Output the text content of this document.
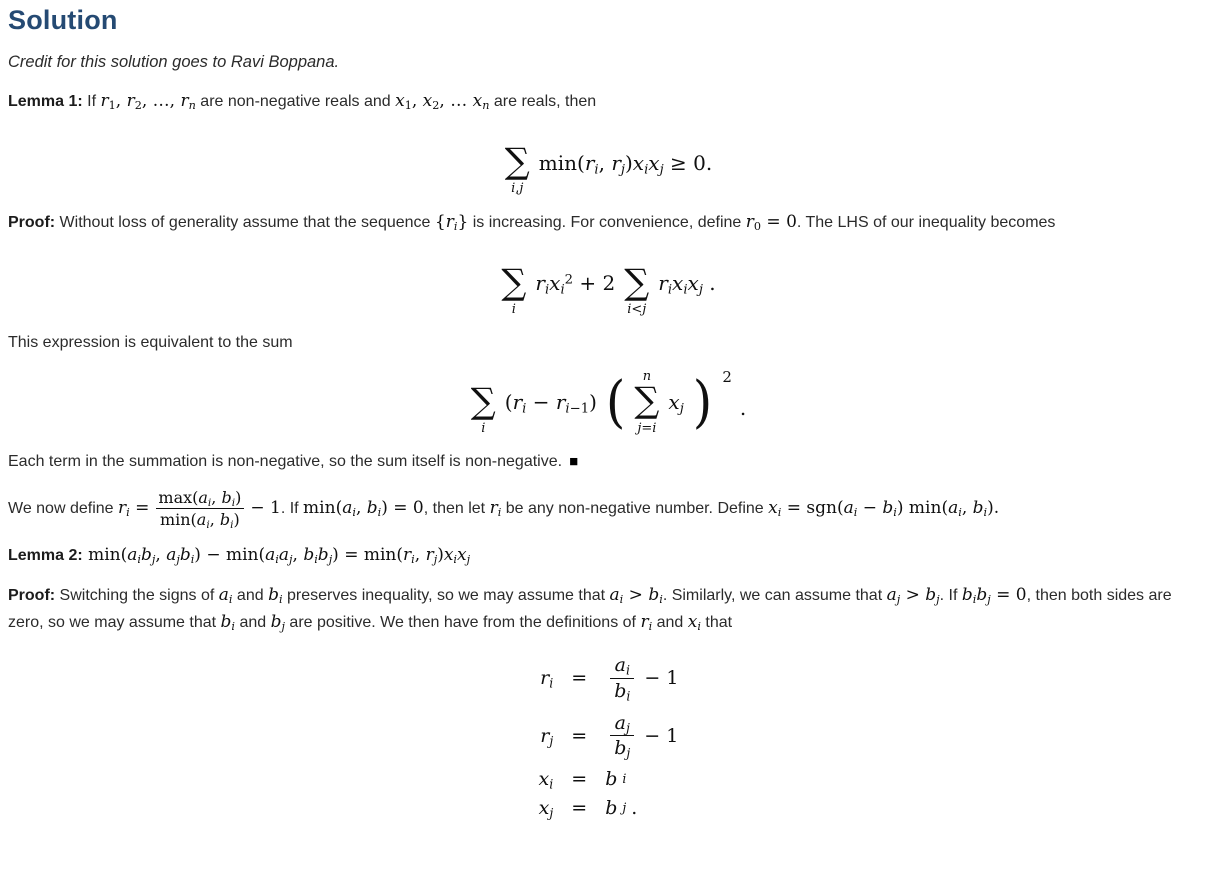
Solution

Credit for this solution goes to Ravi Boppana.

Lemma 1: If $r_1$, $r_2$, …, $r_n$ are non-negative reals and $x_1$, $x_2$, … $x_n$ are reals, then

∑
i,j
$\min(r_i$, $r_j)x_ix_j \ge 0$.

Proof: Without loss of generality assume that the sequence $\{r_i\}$ is increasing. For convenience, define $r_0 = 0$. The LHS of our inequality becomes

∑
i
$r_ix_i^2 + 2$ ∑
i<j
$r_ix_ix_j$ .

This expression is equivalent to the sum

∑
i
$(r_i - r_{i-1})$ ( n
∑
j=i
$x_j$ ) 2
.

Each term in the summation is non-negative, so the sum itself is non-negative. ■

We now define $r_i = \frac{\max(a_i, b_i)}{\min(a_i, b_i)} - 1$. If $\min(a_i$, $b_i) = 0$, then let $r_i$ be any non-negative number. Define $x_i = sgn(a_i - b_i)$ $\min(a_i$, $b_i$).

Lemma 2: $\min(a_ib_j$, $a_jb_i) - \min(a_ia_j$, $b_ib_j) = \min(r_i$, $r_j)x_ix_j$

Proof: Switching the signs of $a_i$ and $b_i$ preserves inequality, so we may assume that $a_i > b_i$. Similarly, we can assume that $a_j > b_j$. If $b_ib_j = 0$, then both sides are zero, so we may assume that $b_i$ and $b_j$ are positive. We then have from the definitions of $r_i$ and $x_i$ that

$r_i = \frac{a_i}{b_i} - 1$
$r_j = \frac{a_j}{b_j} - 1$
$x_i = b$ i
$x_j = b$ j .
